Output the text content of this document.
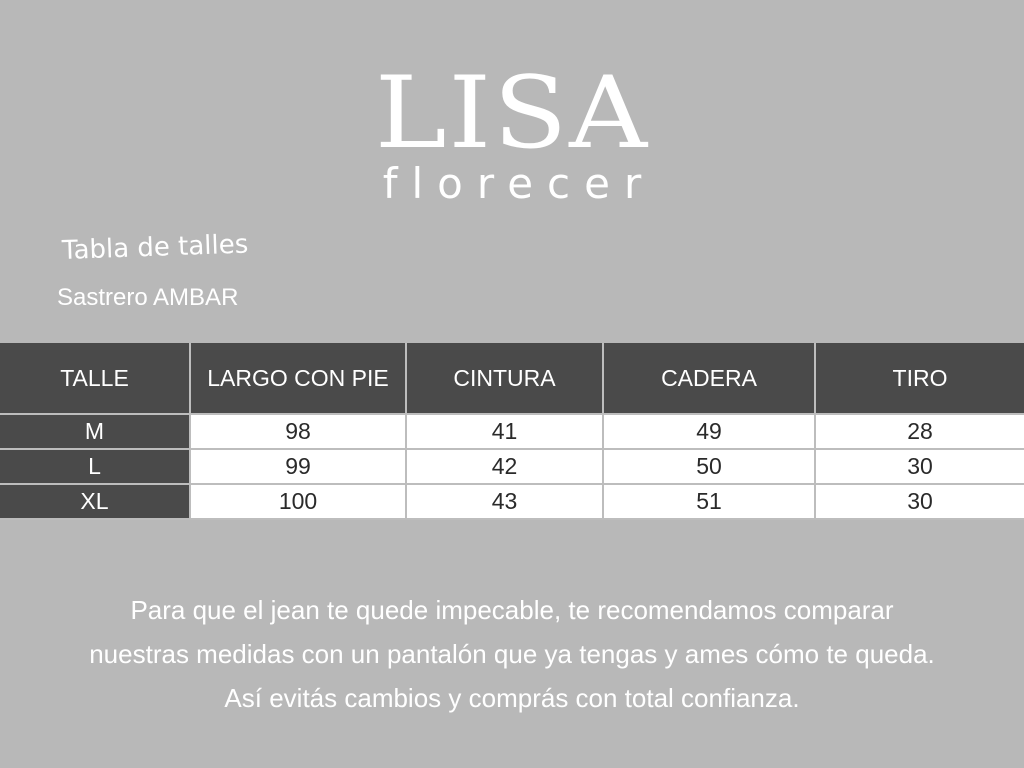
LISA
florecer
Tabla de talles
Sastrero AMBAR
TALLE	LARGO CON PIE	CINTURA	CADERA	TIRO
M	98	41	49	28
L	99	42	50	30
XL	100	43	51	30
Para que el jean te quede impecable, te recomendamos comparar
nuestras medidas con un pantalón que ya tengas y ames cómo te queda.
Así evitás cambios y comprás con total confianza.
